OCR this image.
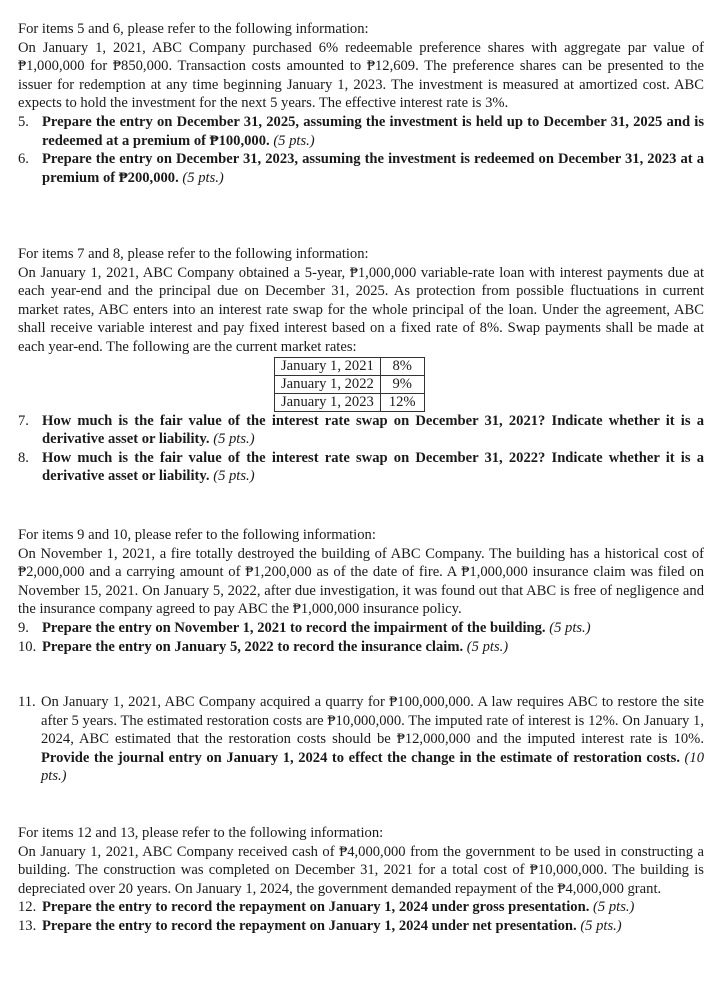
For items 5 and 6, please refer to the following information:

On January 1, 2021, ABC Company purchased 6% redeemable preference shares with aggregate par value of ₱1,000,000 for ₱850,000. Transaction costs amounted to ₱12,609. The preference shares can be presented to the issuer for redemption at any time beginning January 1, 2023. The investment is measured at amortized cost. ABC expects to hold the investment for the next 5 years. The effective interest rate is 3%.

5. Prepare the entry on December 31, 2025, assuming the investment is held up to December 31, 2025 and is redeemed at a premium of ₱100,000. (5 pts.)
6. Prepare the entry on December 31, 2023, assuming the investment is redeemed on December 31, 2023 at a premium of ₱200,000. (5 pts.)

For items 7 and 8, please refer to the following information:

On January 1, 2021, ABC Company obtained a 5-year, ₱1,000,000 variable-rate loan with interest payments due at each year-end and the principal due on December 31, 2025. As protection from possible fluctuations in current market rates, ABC enters into an interest rate swap for the whole principal of the loan. Under the agreement, ABC shall receive variable interest and pay fixed interest based on a fixed rate of 8%. Swap payments shall be made at each year-end. The following are the current market rates:

January 1, 2021	8%
January 1, 2022	9%
January 1, 2023	12%
7. How much is the fair value of the interest rate swap on December 31, 2021? Indicate whether it is a derivative asset or liability. (5 pts.)
8. How much is the fair value of the interest rate swap on December 31, 2022? Indicate whether it is a derivative asset or liability. (5 pts.)

For items 9 and 10, please refer to the following information:

On November 1, 2021, a fire totally destroyed the building of ABC Company. The building has a historical cost of ₱2,000,000 and a carrying amount of ₱1,200,000 as of the date of fire. A ₱1,000,000 insurance claim was filed on November 15, 2021. On January 5, 2022, after due investigation, it was found out that ABC is free of negligence and the insurance company agreed to pay ABC the ₱1,000,000 insurance policy.

9. Prepare the entry on November 1, 2021 to record the impairment of the building. (5 pts.)
10. Prepare the entry on January 5, 2022 to record the insurance claim. (5 pts.)
11. On January 1, 2021, ABC Company acquired a quarry for ₱100,000,000. A law requires ABC to restore the site after 5 years. The estimated restoration costs are ₱10,000,000. The imputed rate of interest is 12%. On January 1, 2024, ABC estimated that the restoration costs should be ₱12,000,000 and the imputed interest rate is 10%. Provide the journal entry on January 1, 2024 to effect the change in the estimate of restoration costs. (10 pts.)

For items 12 and 13, please refer to the following information:

On January 1, 2021, ABC Company received cash of ₱4,000,000 from the government to be used in constructing a building. The construction was completed on December 31, 2021 for a total cost of ₱10,000,000. The building is depreciated over 20 years. On January 1, 2024, the government demanded repayment of the ₱4,000,000 grant.

12. Prepare the entry to record the repayment on January 1, 2024 under gross presentation. (5 pts.)
13. Prepare the entry to record the repayment on January 1, 2024 under net presentation. (5 pts.)
